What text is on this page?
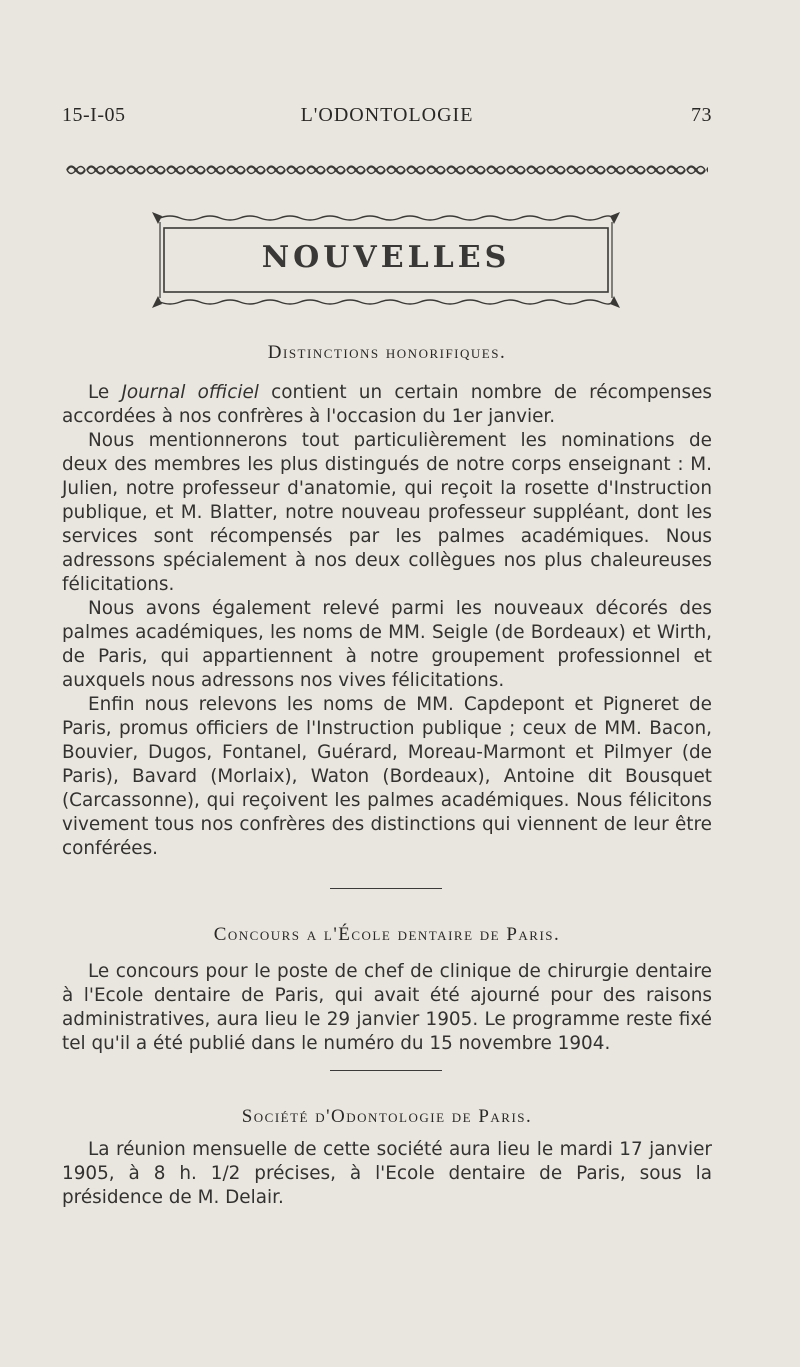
15-I-05	L'ODONTOLOGIE	73
NOUVELLES
Distinctions honorifiques.

Le Journal officiel contient un certain nombre de récompenses accordées à nos confrères à l'occasion du 1er janvier.

Nous mentionnerons tout particulièrement les nominations de deux des membres les plus distingués de notre corps enseignant : M. Julien, notre professeur d'anatomie, qui reçoit la rosette d'Instruction publique, et M. Blatter, notre nouveau professeur suppléant, dont les services sont récompensés par les palmes académiques. Nous adressons spécialement à nos deux collègues nos plus chaleureuses félicitations.

Nous avons également relevé parmi les nouveaux décorés des palmes académiques, les noms de MM. Seigle (de Bordeaux) et Wirth, de Paris, qui appartiennent à notre groupement professionnel et auxquels nous adressons nos vives félicitations.

Enfin nous relevons les noms de MM. Capdepont et Pigneret de Paris, promus officiers de l'Instruction publique ; ceux de MM. Bacon, Bouvier, Dugos, Fontanel, Guérard, Moreau-Marmont et Pilmyer (de Paris), Bavard (Morlaix), Waton (Bordeaux), Antoine dit Bousquet (Carcassonne), qui reçoivent les palmes académiques. Nous félicitons vivement tous nos confrères des distinctions qui viennent de leur être conférées.

Concours a l'École dentaire de Paris.

Le concours pour le poste de chef de clinique de chirurgie dentaire à l'Ecole dentaire de Paris, qui avait été ajourné pour des raisons administratives, aura lieu le 29 janvier 1905. Le programme reste fixé tel qu'il a été publié dans le numéro du 15 novembre 1904.

Société d'Odontologie de Paris.

La réunion mensuelle de cette société aura lieu le mardi 17 janvier 1905, à 8 h. 1/2 précises, à l'Ecole dentaire de Paris, sous la présidence de M. Delair.
